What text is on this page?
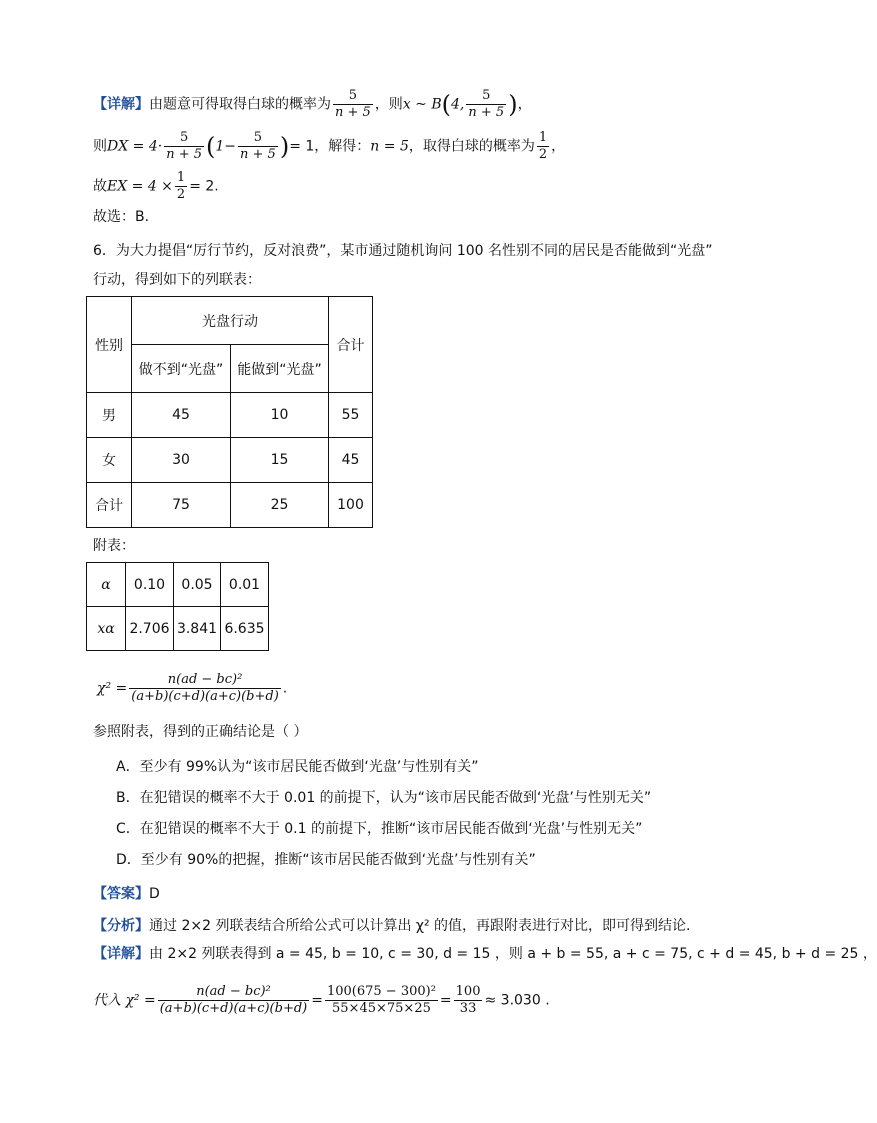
【详解】由题意可得取得白球的概率为 $\frac{5}{n + 5}$ ，则x ~ B(4, $\frac{5}{n + 5}$ )，
则DX = $4\cdot \frac{5}{n + 5} (1- \frac{5}{n + 5}$ )= 1，解得：n = 5，取得白球的概率为 $\frac{1}{2}$ ，
故EX = $4 \times \frac{1}{2} = 2$.
故选：B.
6．为大力提倡“厉行节约，反对浪费”，某市通过随机询问 100 名性别不同的居民是否能做到“光盘”
行动，得到如下的列联表：
性别	光盘行动		合计
	做不到“光盘”	能做到“光盘”	
男	45	10	55
女	30	15	45
合计	75	25	100
附表：
α	0.10	0.05	0.01
xα	2.706	3.841	6.635
$\chi^2 = \frac{\text{n(ad − bc)²}}{(a+b)(c+d)(a+c)(b+d)}$ .
参照附表，得到的正确结论是（ ）
A．至少有 99%认为“该市居民能否做到‘光盘’与性别有关”
B．在犯错误的概率不大于 0.01 的前提下，认为“该市居民能否做到‘光盘’与性别无关”
C．在犯错误的概率不大于 0.1 的前提下，推断“该市居民能否做到‘光盘’与性别无关”
D．至少有 90%的把握，推断“该市居民能否做到‘光盘’与性别有关”
【答案】D
【分析】通过 2×2 列联表结合所给公式可以计算出 χ² 的值，再跟附表进行对比，即可得到结论.
【详解】由 2×2 列联表得到 a = 45, b = 10, c = 30, d = 15 ，则 a + b = 55, a + c = 75, c + d = 45, b + d = 25 ，
代入 $\chi^2 = \frac{\text{n(ad − bc)²}}{(a+b)(c+d)(a+c)(b+d)} = \frac{\text{100(675 − 300)²}}{55\times 45\times 75\times 25} = \frac{100}{33} \approx 3.030$ .
